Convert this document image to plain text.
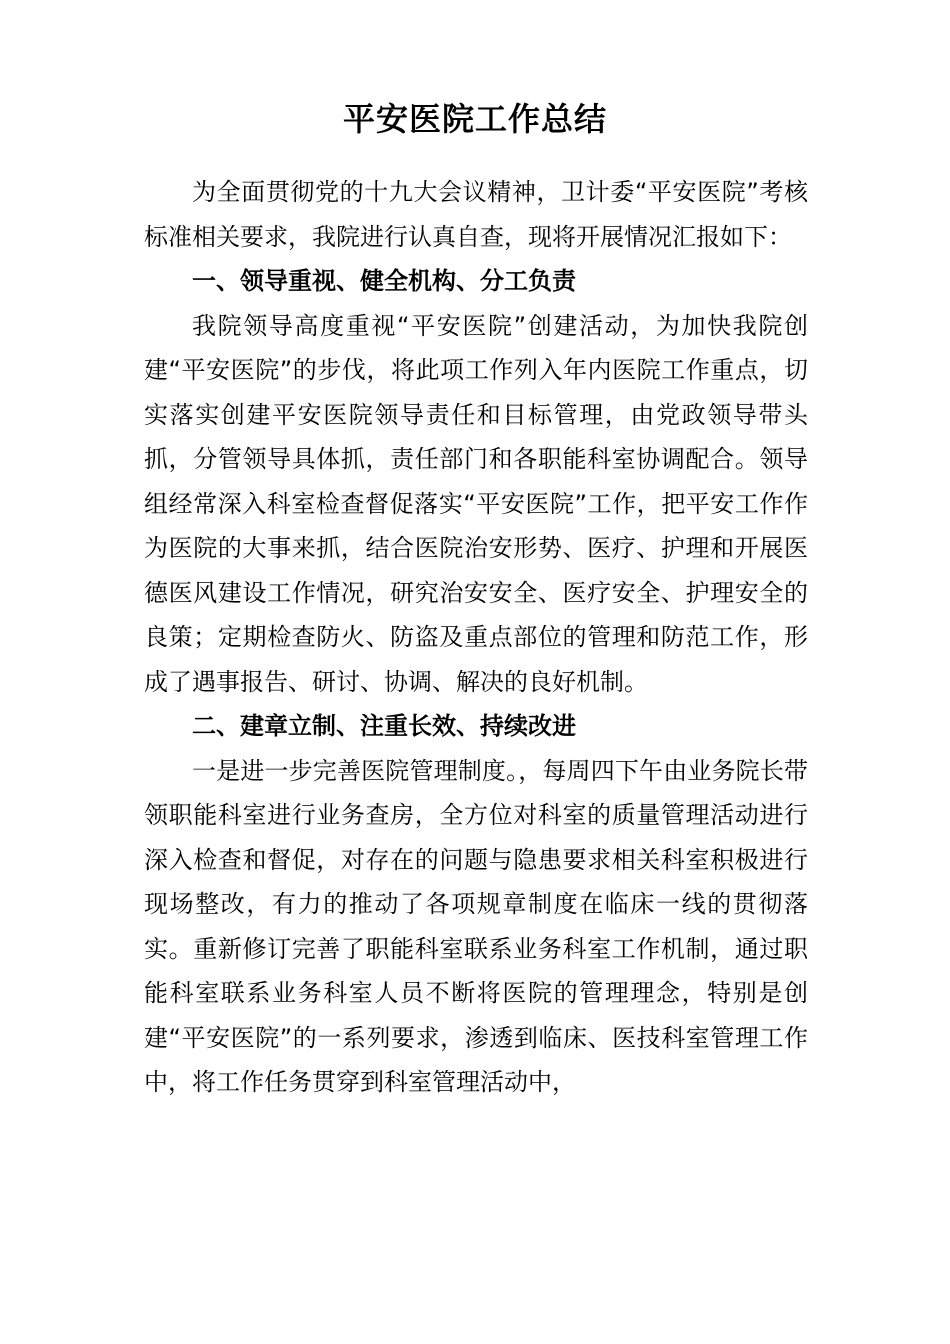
平安医院工作总结

为全面贯彻党的十九大会议精神，卫计委“平安医院”考核标准相关要求，我院进行认真自查，现将开展情况汇报如下：

一、领导重视、健全机构、分工负责

我院领导高度重视“平安医院”创建活动，为加快我院创建“平安医院”的步伐，将此项工作列入年内医院工作重点，切实落实创建平安医院领导责任和目标管理，由党政领导带头抓，分管领导具体抓，责任部门和各职能科室协调配合。领导组经常深入科室检查督促落实“平安医院”工作，把平安工作作为医院的大事来抓，结合医院治安形势、医疗、护理和开展医德医风建设工作情况，研究治安安全、医疗安全、护理安全的良策；定期检查防火、防盗及重点部位的管理和防范工作，形成了遇事报告、研讨、协调、解决的良好机制。

二、建章立制、注重长效、持续改进

一是进一步完善医院管理制度。，每周四下午由业务院长带领职能科室进行业务查房，全方位对科室的质量管理活动进行深入检查和督促，对存在的问题与隐患要求相关科室积极进行现场整改，有力的推动了各项规章制度在临床一线的贯彻落实。重新修订完善了职能科室联系业务科室工作机制，通过职能科室联系业务科室人员不断将医院的管理理念，特别是创建“平安医院”的一系列要求，渗透到临床、医技科室管理工作中，将工作任务贯穿到科室管理活动中，
